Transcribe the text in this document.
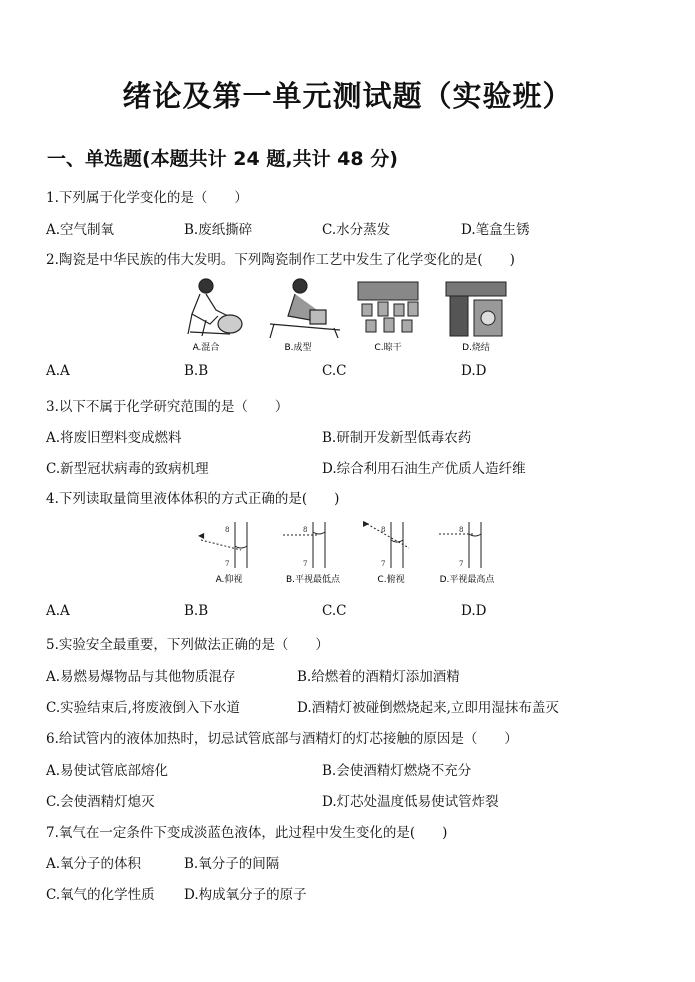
绪论及第一单元测试题（实验班）
一、单选题(本题共计 24 题,共计 48 分)
1.下列属于化学变化的是（　　）
A.空气制氧	B.废纸撕碎	C.水分蒸发	D.笔盒生锈
2.陶瓷是中华民族的伟大发明。下列陶瓷制作工艺中发生了化学变化的是(　　)
A.混合	B.成型	C.晾干	D.烧结
A.A	B.B	C.C	D.D
3.以下不属于化学研究范围的是（　　）
A.将废旧塑料变成燃料	B.研制开发新型低毒农药
C.新型冠状病毒的致病机理	D.综合利用石油生产优质人造纤维
4.下列读取量筒里液体体积的方式正确的是(　　)
◀
8
7
8
7
▶
8
7
8
7
A.仰视	B.平视最低点	C.俯视	D.平视最高点
A.A	B.B	C.C	D.D
5.实验安全最重要，下列做法正确的是（　　）
A.易燃易爆物品与其他物质混存	B.给燃着的酒精灯添加酒精
C.实验结束后,将废液倒入下水道	D.酒精灯被碰倒燃烧起来,立即用湿抹布盖灭
6.给试管内的液体加热时，切忌试管底部与酒精灯的灯芯接触的原因是（　　）
A.易使试管底部熔化	B.会使酒精灯燃烧不充分
C.会使酒精灯熄灭	D.灯芯处温度低易使试管炸裂
7.氧气在一定条件下变成淡蓝色液体，此过程中发生变化的是(　　)
A.氧分子的体积	B.氧分子的间隔
C.氧气的化学性质 D.构成氧分子的原子
